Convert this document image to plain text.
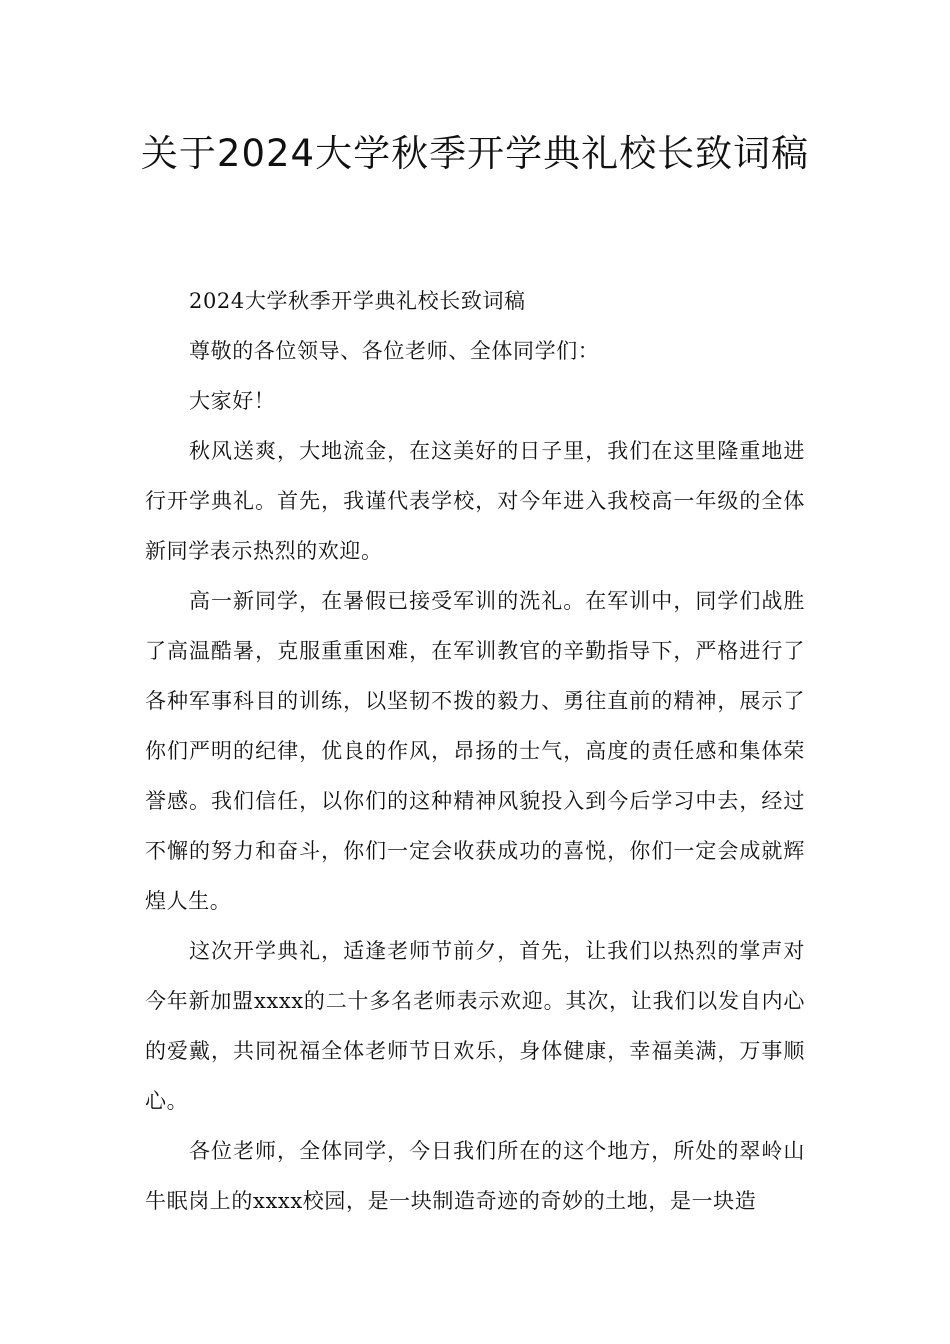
关于2024大学秋季开学典礼校长致词稿

2024大学秋季开学典礼校长致词稿

尊敬的各位领导、各位老师、全体同学们：

大家好！

秋风送爽，大地流金，在这美好的日子里，我们在这里隆重地进行开学典礼。首先，我谨代表学校，对今年进入我校高一年级的全体新同学表示热烈的欢迎。

高一新同学，在暑假已接受军训的洗礼。在军训中，同学们战胜了高温酷暑，克服重重困难，在军训教官的辛勤指导下，严格进行了各种军事科目的训练，以坚韧不拨的毅力、勇往直前的精神，展示了你们严明的纪律，优良的作风，昂扬的士气，高度的责任感和集体荣誉感。我们信任，以你们的这种精神风貌投入到今后学习中去，经过不懈的努力和奋斗，你们一定会收获成功的喜悦，你们一定会成就辉煌人生。

这次开学典礼，适逢老师节前夕，首先，让我们以热烈的掌声对今年新加盟xxxx的二十多名老师表示欢迎。其次，让我们以发自内心的爱戴，共同祝福全体老师节日欢乐，身体健康，幸福美满，万事顺心。

各位老师，全体同学，今日我们所在的这个地方，所处的翠岭山牛眠岗上的xxxx校园，是一块制造奇迹的奇妙的土地，是一块造
